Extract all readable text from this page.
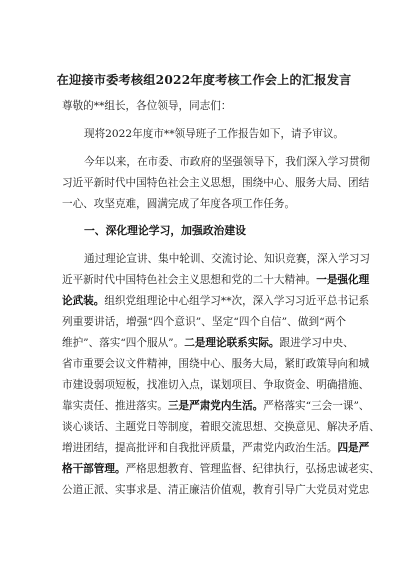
在迎接市委考核组2022年度考核工作会上的汇报发言
尊敬的**组长，各位领导，同志们：
现将2022年度市**领导班子工作报告如下，请予审议。
今年以来，在市委、市政府的坚强领导下，我们深入学习贯彻
习近平新时代中国特色社会主义思想，围绕中心、服务大局、团结
一心、攻坚克难，圆满完成了年度各项工作任务。
一、深化理论学习，加强政治建设
通过理论宣讲、集中轮训、交流讨论、知识竞赛，深入学习习
近平新时代中国特色社会主义思想和党的二十大精神。一是强化理
论武装。组织党组理论中心组学习**次，深入学习习近平总书记系
列重要讲话，增强“四个意识”、坚定“四个自信”、做到“两个
维护”、落实“四个服从”。二是理论联系实际。跟进学习中央、
省市重要会议文件精神，围绕中心、服务大局，紧盯政策导向和城
市建设弱项短板，找准切入点，谋划项目、争取资金、明确措施、
靠实责任、推进落实。三是严肃党内生活。严格落实“三会一课”、
谈心谈话、主题党日等制度，着眼交流思想、交换意见、解决矛盾、
增进团结，提高批评和自我批评质量，严肃党内政治生活。四是严
格干部管理。严格思想教育、管理监督、纪律执行，弘扬忠诚老实、
公道正派、实事求是、清正廉洁价值观，教育引导广大党员对党忠
